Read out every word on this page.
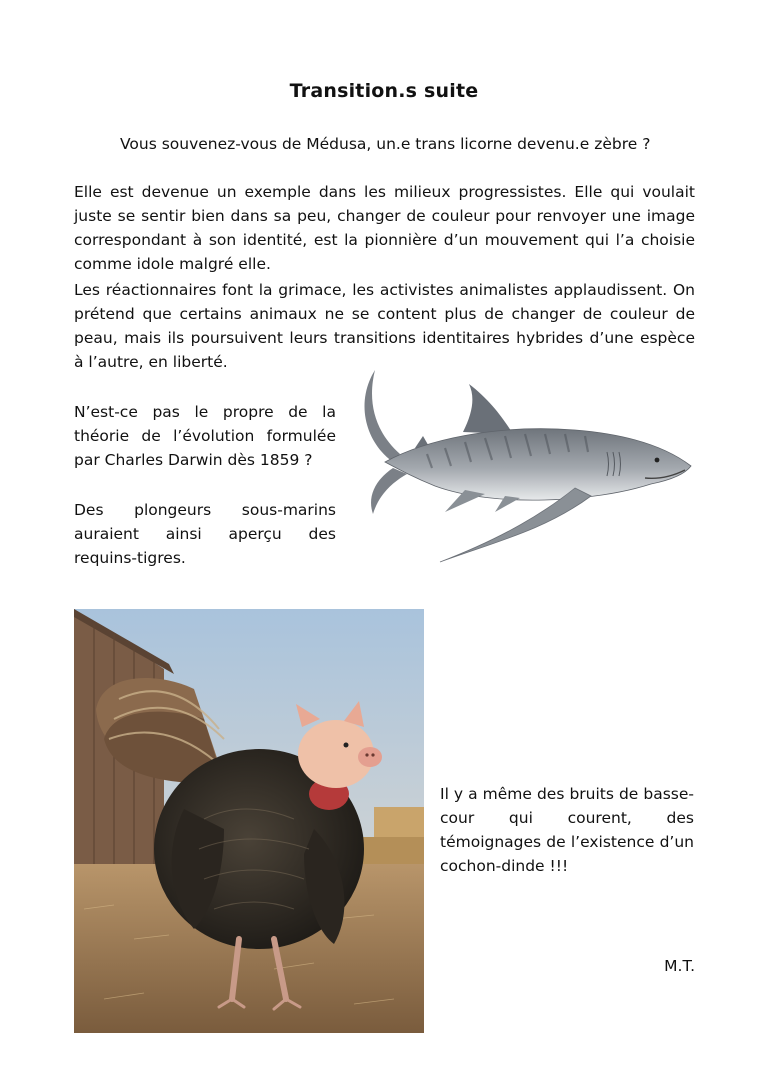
Transition.s suite
Vous souvenez-vous de Médusa, un.e trans licorne devenu.e zèbre ?

Elle est devenue un exemple dans les milieux progressistes. Elle qui voulait juste se sentir bien dans sa peu, changer de couleur pour renvoyer une image correspondant à son identité, est la pionnière d’un mouvement qui l’a choisie comme idole malgré elle.

Les réactionnaires font la grimace, les activistes animalistes applaudissent. On prétend que certains animaux ne se content plus de changer de couleur de peau, mais ils poursuivent leurs transitions identitaires hybrides d’une espèce à l’autre, en liberté.

N’est-ce pas le propre de la théorie de l’évolution formulée par Charles Darwin dès 1859 ?

Des plongeurs sous-marins auraient ainsi aperçu des requins-tigres.

Il y a même des bruits de basse-cour qui courent, des témoignages de l’existence d’un cochon-dinde !!!

M.T.
